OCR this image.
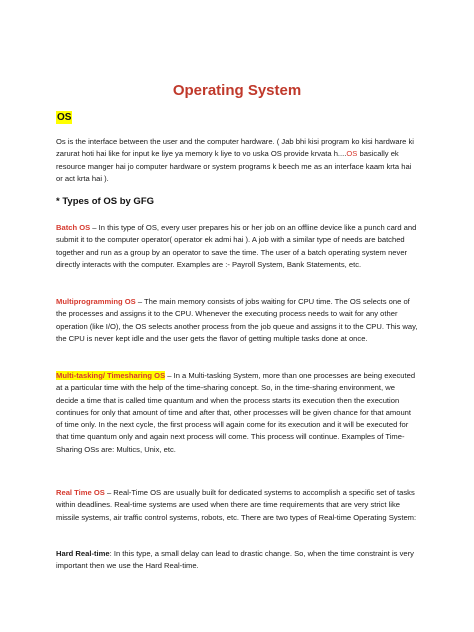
Operating System
OS

Os is the interface between the user and the computer hardware. ( Jab bhi kisi program ko kisi hardware ki zarurat hoti hai like for input ke liye ya memory k liye to vo uska OS provide krvata h....OS basically ek resource manger hai jo computer hardware or system programs k beech me as an interface kaam krta hai or act krta hai ).

* Types of OS by GFG

Batch OS – In this type of OS, every user prepares his or her job on an offline device like a punch card and submit it to the computer operator( operator ek admi hai ). A job with a similar type of needs are batched together and run as a group by an operator to save the time. The user of a batch operating system never directly interacts with the computer. Examples are :- Payroll System, Bank Statements, etc.

Multiprogramming OS – The main memory consists of jobs waiting for CPU time. The OS selects one of the processes and assigns it to the CPU. Whenever the executing process needs to wait for any other operation (like I/O), the OS selects another process from the job queue and assigns it to the CPU. This way, the CPU is never kept idle and the user gets the flavor of getting multiple tasks done at once.

Multi-tasking/ Timesharing OS – In a Multi-tasking System, more than one processes are being executed at a particular time with the help of the time-sharing concept. So, in the time-sharing environment, we decide a time that is called time quantum and when the process starts its execution then the execution continues for only that amount of time and after that, other processes will be given chance for that amount of time only. In the next cycle, the first process will again come for its execution and it will be executed for that time quantum only and again next process will come. This process will continue. Examples of Time-Sharing OSs are: Multics, Unix, etc.

Real Time OS – Real-Time OS are usually built for dedicated systems to accomplish a specific set of tasks within deadlines. Real-time systems are used when there are time requirements that are very strict like missile systems, air traffic control systems, robots, etc. There are two types of Real-time Operating System:

Hard Real-time: In this type, a small delay can lead to drastic change. So, when the time constraint is very important then we use the Hard Real-time.
